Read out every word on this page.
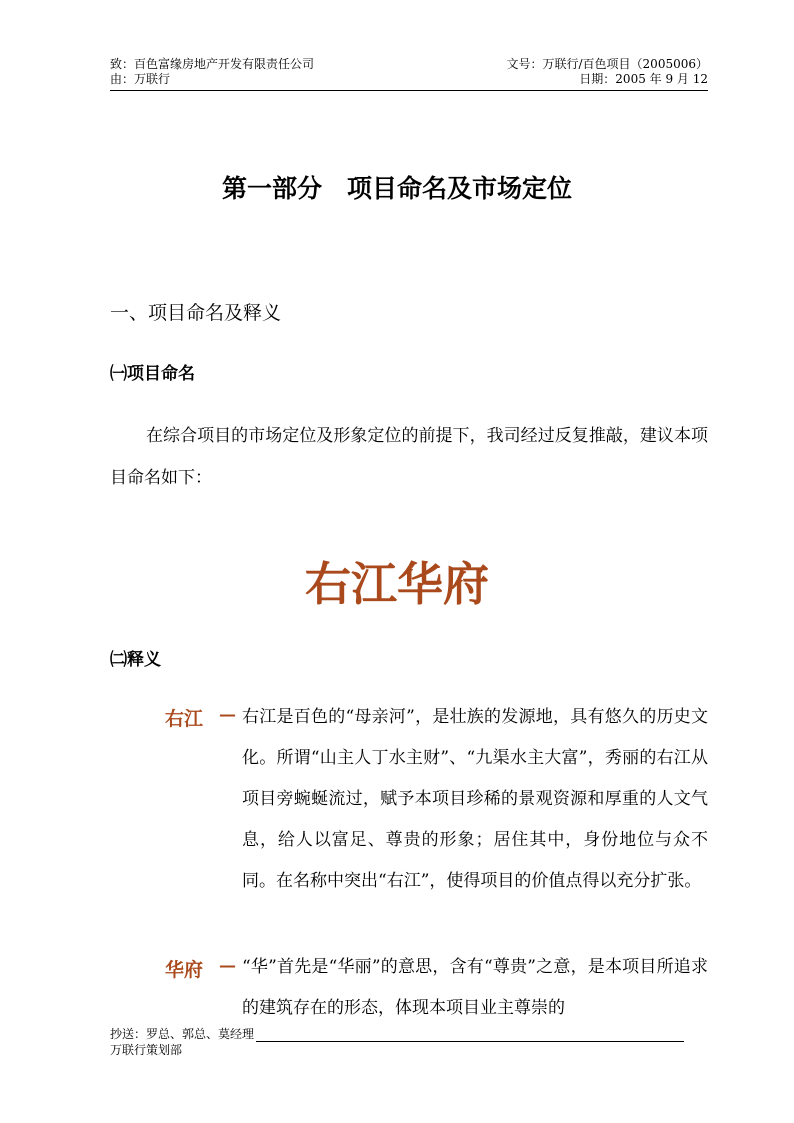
致：百色富缘房地产开发有限责任公司	文号：万联行/百色项目（2005006）
由：万联行	日期：2005 年 9 月 12
第一部分　项目命名及市场定位
一、项目命名及释义
㈠项目命名
在综合项目的市场定位及形象定位的前提下，我司经过反复推敲，建议本项目命名如下：
右江华府
㈡释义
右江 — 右江是百色的“母亲河”，是壮族的发源地，具有悠久的历史文化。所谓“山主人丁水主财”、“九渠水主大富”，秀丽的右江从项目旁蜿蜒流过，赋予本项目珍稀的景观资源和厚重的人文气息，给人以富足、尊贵的形象；居住其中，身份地位与众不同。在名称中突出“右江”，使得项目的价值点得以充分扩张。
华府 — “华”首先是“华丽”的意思，含有“尊贵”之意，是本项目所追求的建筑存在的形态，体现本项目业主尊崇的
抄送：罗总、郭总、莫经理
万联行策划部
